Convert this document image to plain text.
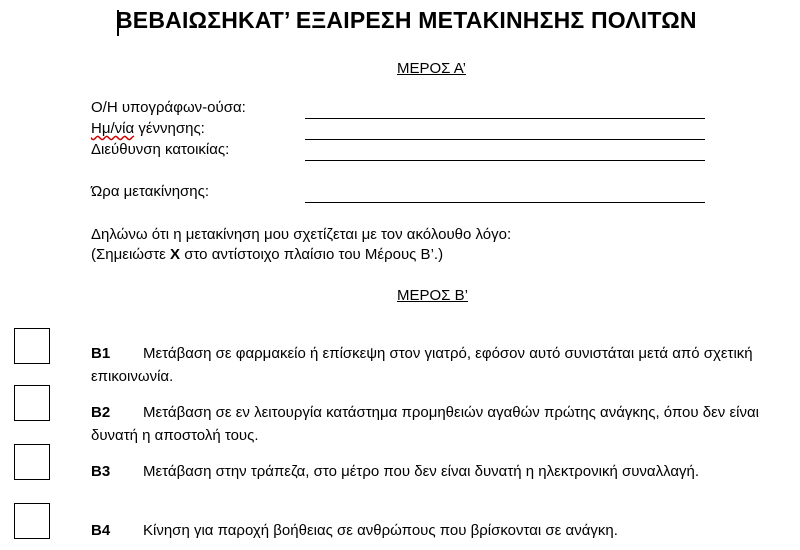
ΒΕΒΑΙΩΣΗΚΑΤ’ ΕΞΑΙΡΕΣΗ ΜΕΤΑΚΙΝΗΣΗΣ ΠΟΛΙΤΩΝ
ΜΕΡΟΣ Α’
Ο/Η υπογράφων-ούσα:
Ημ/νία γέννησης:
Διεύθυνση κατοικίας:
Ώρα μετακίνησης:
Δηλώνω ότι η μετακίνηση μου σχετίζεται με τον ακόλουθο λόγο:
(Σημειώστε Χ στο αντίστοιχο πλαίσιο του Μέρους Β’.)
ΜΕΡΟΣ Β’
Β1 Μετάβαση σε φαρμακείο ή επίσκεψη στον γιατρό, εφόσον αυτό συνιστάται μετά από σχετική επικοινωνία.
Β2 Μετάβαση σε εν λειτουργία κατάστημα προμηθειών αγαθών πρώτης ανάγκης, όπου δεν είναι δυνατή η αποστολή τους.
Β3 Μετάβαση στην τράπεζα, στο μέτρο που δεν είναι δυνατή η ηλεκτρονική συναλλαγή.
Β4 Κίνηση για παροχή βοήθειας σε ανθρώπους που βρίσκονται σε ανάγκη.
